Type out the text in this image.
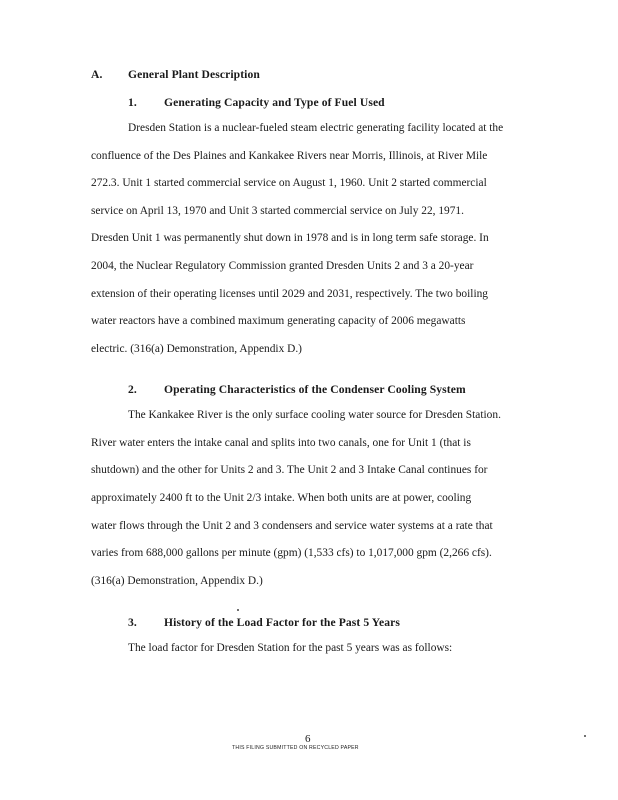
A. General Plant Description
1. Generating Capacity and Type of Fuel Used
Dresden Station is a nuclear-fueled steam electric generating facility located at the
confluence of the Des Plaines and Kankakee Rivers near Morris, Illinois, at River Mile
272.3. Unit 1 started commercial service on August 1, 1960. Unit 2 started commercial
service on April 13, 1970 and Unit 3 started commercial service on July 22, 1971.
Dresden Unit 1 was permanently shut down in 1978 and is in long term safe storage. In
2004, the Nuclear Regulatory Commission granted Dresden Units 2 and 3 a 20-year
extension of their operating licenses until 2029 and 2031, respectively. The two boiling
water reactors have a combined maximum generating capacity of 2006 megawatts
electric. (316(a) Demonstration, Appendix D.)
2. Operating Characteristics of the Condenser Cooling System
The Kankakee River is the only surface cooling water source for Dresden Station.
River water enters the intake canal and splits into two canals, one for Unit 1 (that is
shutdown) and the other for Units 2 and 3. The Unit 2 and 3 Intake Canal continues for
approximately 2400 ft to the Unit 2/3 intake. When both units are at power, cooling
water flows through the Unit 2 and 3 condensers and service water systems at a rate that
varies from 688,000 gallons per minute (gpm) (1,533 cfs) to 1,017,000 gpm (2,266 cfs).
(316(a) Demonstration, Appendix D.)
3. History of the Load Factor for the Past 5 Years
The load factor for Dresden Station for the past 5 years was as follows:
6
THIS FILING SUBMITTED ON RECYCLED PAPER
